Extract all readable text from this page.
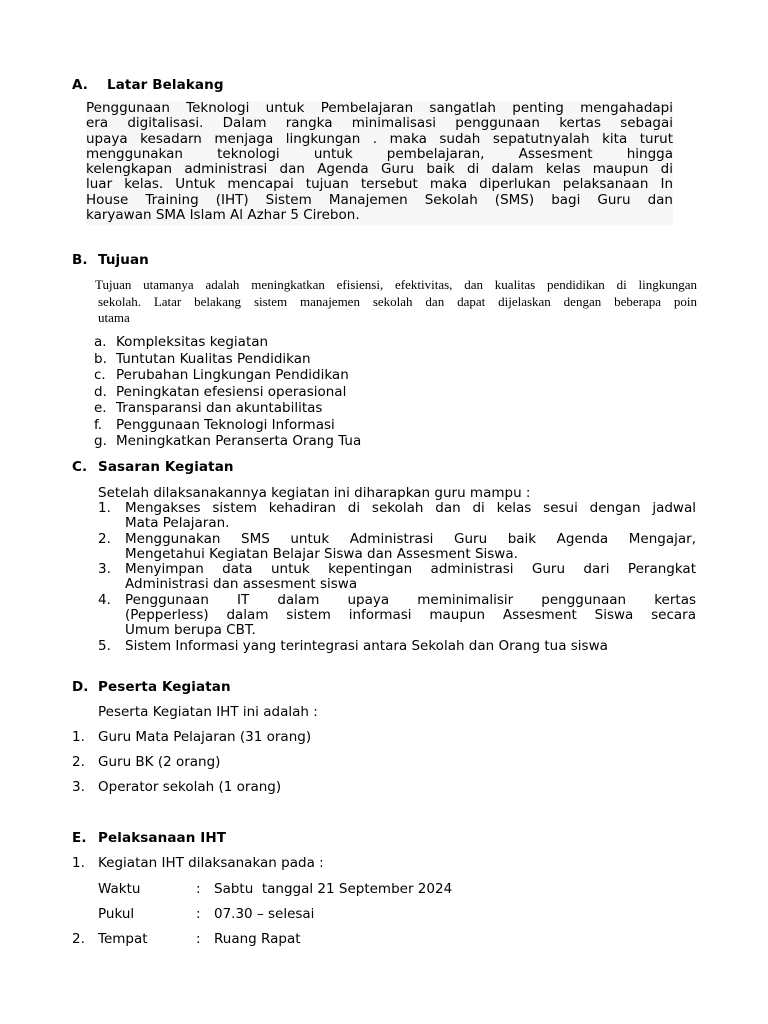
A. Latar Belakang
Penggunaan Teknologi untuk Pembelajaran sangatlah penting mengahadapi
era digitalisasi. Dalam rangka minimalisasi penggunaan kertas sebagai
upaya kesadarn menjaga lingkungan . maka sudah sepatutnyalah kita turut
menggunakan teknologi untuk pembelajaran, Assesment hingga
kelengkapan administrasi dan Agenda Guru baik di dalam kelas maupun di
luar kelas. Untuk mencapai tujuan tersebut maka diperlukan pelaksanaan In
House Training (IHT) Sistem Manajemen Sekolah (SMS) bagi Guru dan
karyawan SMA Islam Al Azhar 5 Cirebon.
B. Tujuan
Tujuan utamanya adalah meningkatkan efisiensi, efektivitas, dan kualitas pendidikan di lingkungan
sekolah. Latar belakang sistem manajemen sekolah dan dapat dijelaskan dengan beberapa poin
utama
a. Kompleksitas kegiatan
b. Tuntutan Kualitas Pendidikan
c. Perubahan Lingkungan Pendidikan
d. Peningkatan efesiensi operasional
e. Transparansi dan akuntabilitas
f. Penggunaan Teknologi Informasi
g. Meningkatkan Peranserta Orang Tua
C. Sasaran Kegiatan
Setelah dilaksanakannya kegiatan ini diharapkan guru mampu :
1. Mengakses sistem kehadiran di sekolah dan di kelas sesui dengan jadwal
Mata Pelajaran.
2. Menggunakan SMS untuk Administrasi Guru baik Agenda Mengajar,
Mengetahui Kegiatan Belajar Siswa dan Assesment Siswa.
3. Menyimpan data untuk kepentingan administrasi Guru dari Perangkat
Administrasi dan assesment siswa
4. Penggunaan IT dalam upaya meminimalisir penggunaan kertas
(Pepperless) dalam sistem informasi maupun Assesment Siswa secara
Umum berupa CBT.
5. Sistem Informasi yang terintegrasi antara Sekolah dan Orang tua siswa
D. Peserta Kegiatan
Peserta Kegiatan IHT ini adalah :
1. Guru Mata Pelajaran (31 orang)
2. Guru BK (2 orang)
3. Operator sekolah (1 orang)
E. Pelaksanaan IHT
1. Kegiatan IHT dilaksanakan pada :
Waktu	: Sabtu  tanggal 21 September 2024
Pukul	: 07.30 – selesai
2. Tempat	: Ruang Rapat
